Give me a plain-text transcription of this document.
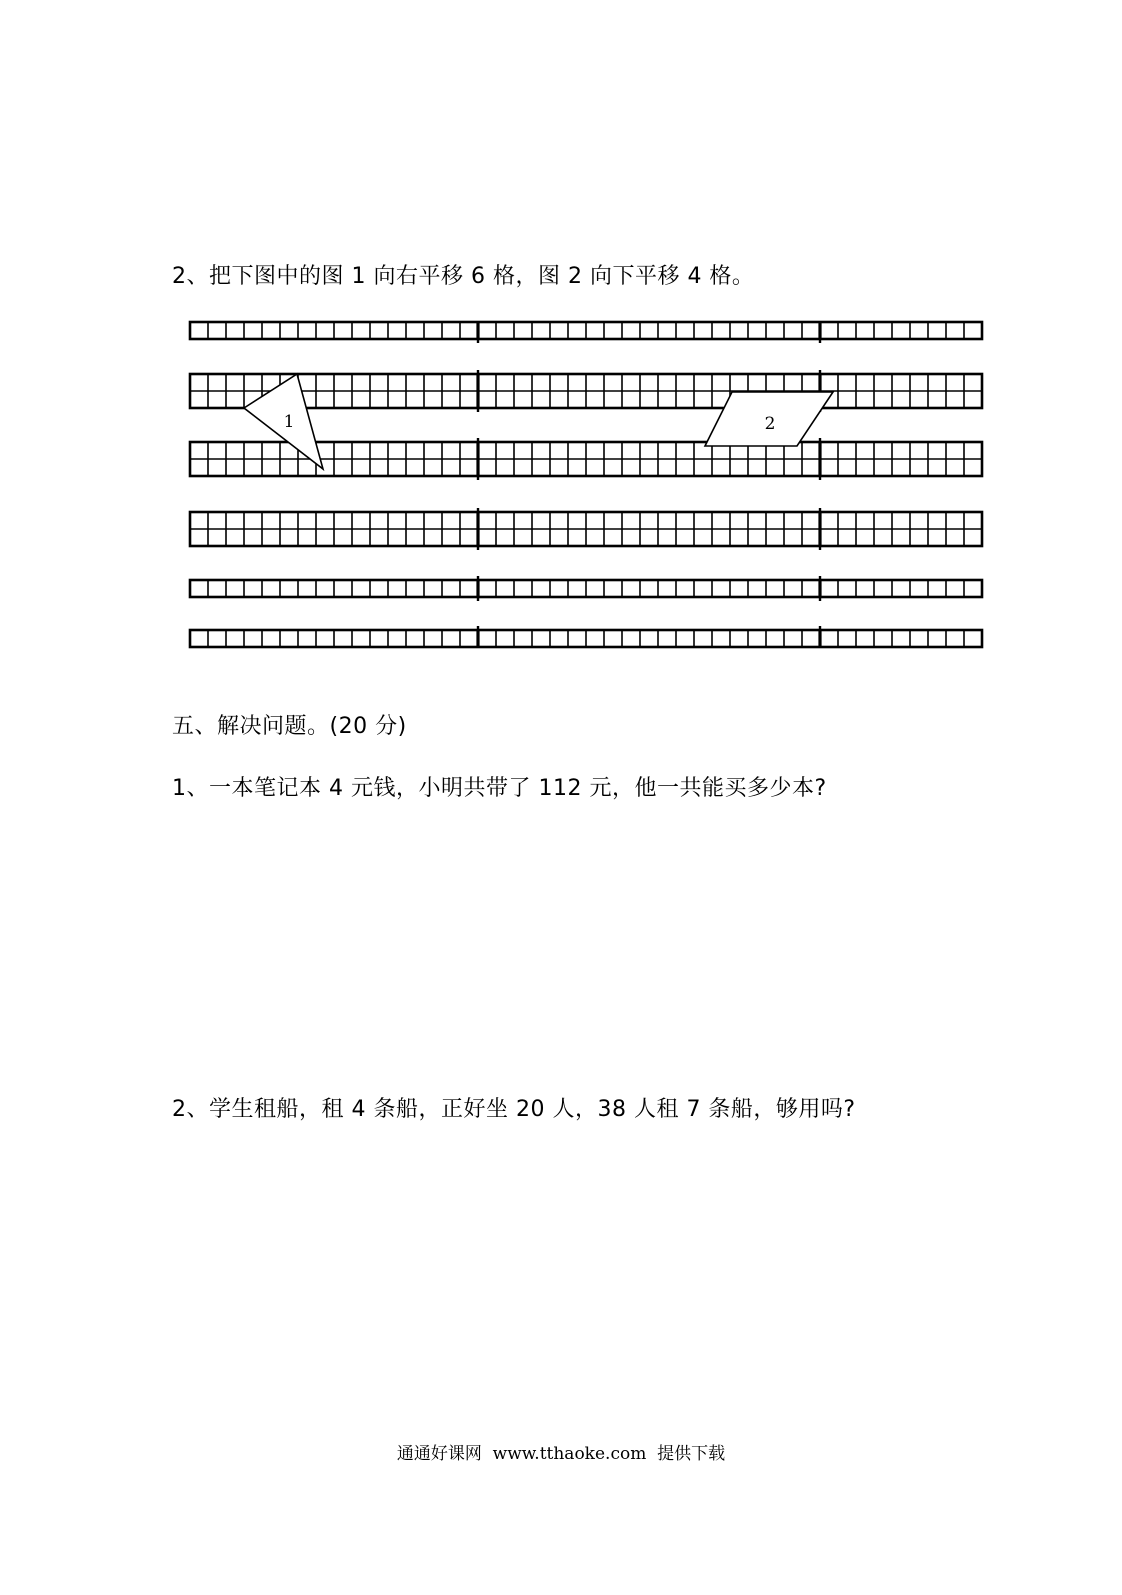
2、把下图中的图 1 向右平移 6 格，图 2 向下平移 4 格。
1	2
五、解决问题。(20 分)
1、一本笔记本 4 元钱，小明共带了 112 元，他一共能买多少本?
2、学生租船，租 4 条船，正好坐 20 人，38 人租 7 条船，够用吗?
通通好课网 www.tthaoke.com 提供下载
